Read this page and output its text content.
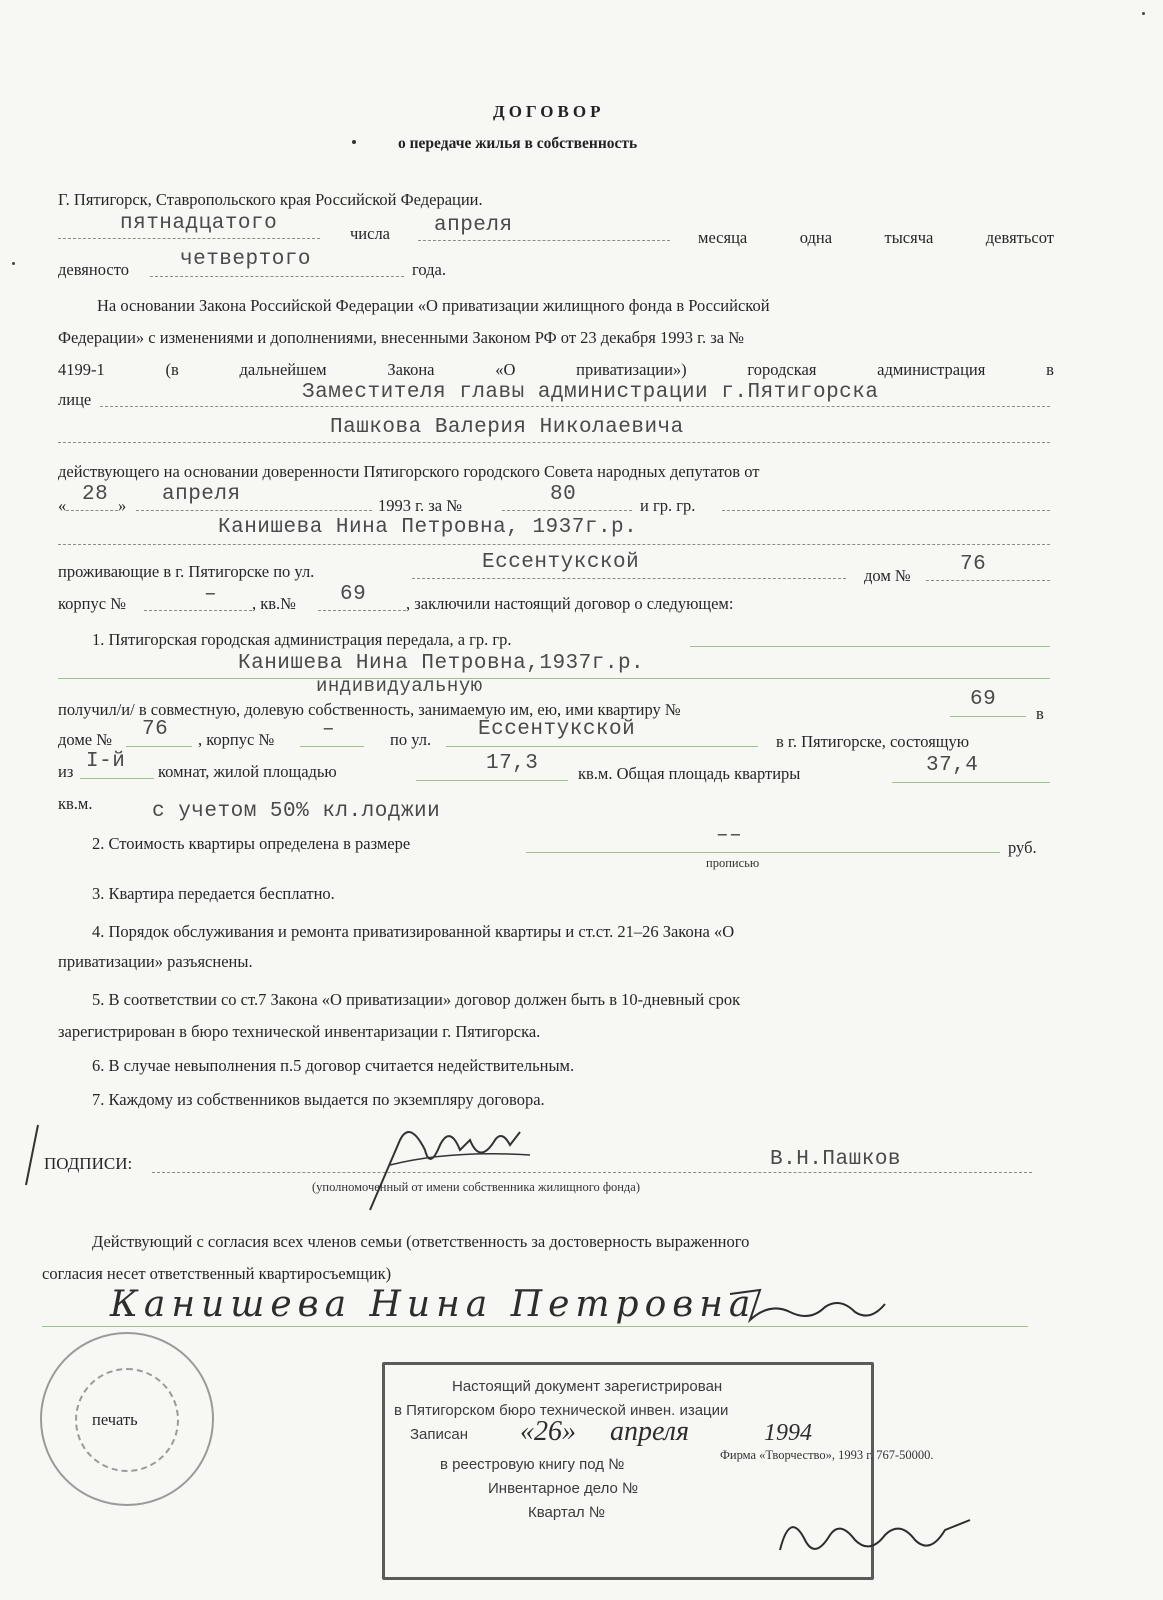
ДОГОВОР
о передаче жилья в собственность
Г. Пятигорск, Ставропольского края Российской Федерации.
пятнадцатого	числа апреля
месяца	одна	тысяча	девятьсот
девяносто четвертого	года.
На основании Закона Российской Федерации «О приватизации жилищного фонда в Российской
Федерации» с изменениями и дополнениями, внесенными Законом РФ от 23 декабря 1993 г. за №
4199-1	(в	дальнейшем	Закона	«О	приватизации»)	городская	администрация	в
лице	Заместителя главы администрации г.Пятигорска
Пашкова Валерия Николаевича
действующего на основании доверенности Пятигорского городского Совета народных депутатов от
« 28 » апреля	1993 г. за №	80	и гр. гр.
Канишева Нина Петровна, 1937г.р.
проживающие в г. Пятигорске по ул.	Ессентукской
дом № 76
корпус №	– , кв.№ 69 , заключили настоящий договор о следующем:
1. Пятигорская городская администрация передала, а гр. гр.
Канишева Нина Петровна,1937г.р.
индивидуальную
получил/и/ в совместную, долевую собственность, занимаемую им, ею, ими квартиру №	69
в
доме № 76 , корпус № –	по ул. Ессентукской
в г. Пятигорске, состоящую
из I-й комнат, жилой площадью	17,3 кв.м. Общая площадь квартиры	37,4
кв.м.	с учетом 50% кл.лоджии
2. Стоимость квартиры определена в размере	––
руб.
прописью
3. Квартира передается бесплатно.
4. Порядок обслуживания и ремонта приватизированной квартиры и ст.ст. 21–26 Закона «О
приватизации» разъяснены.
5. В соответствии со ст.7 Закона «О приватизации» договор должен быть в 10-дневный срок
зарегистрирован в бюро технической инвентаризации г. Пятигорска.
6. В случае невыполнения п.5 договор считается недействительным.
7. Каждому из собственников выдается по экземпляру договора.
ПОДПИСИ:	В.Н.Пашков
(уполномоченный от имени собственника жилищного фонда)
Действующий с согласия всех членов семьи (ответственность за достоверность выраженного
согласия несет ответственный квартиросъемщик)
Канишева Нина Петровна
печать
Настоящий документ зарегистрирован
в Пятигорском бюро технической инвен. изации
Записан «26» апреля	1994
в реестровую книгу под №
Инвентарное дело №
Квартал №
Фирма «Творчество», 1993 г. 767-50000.
